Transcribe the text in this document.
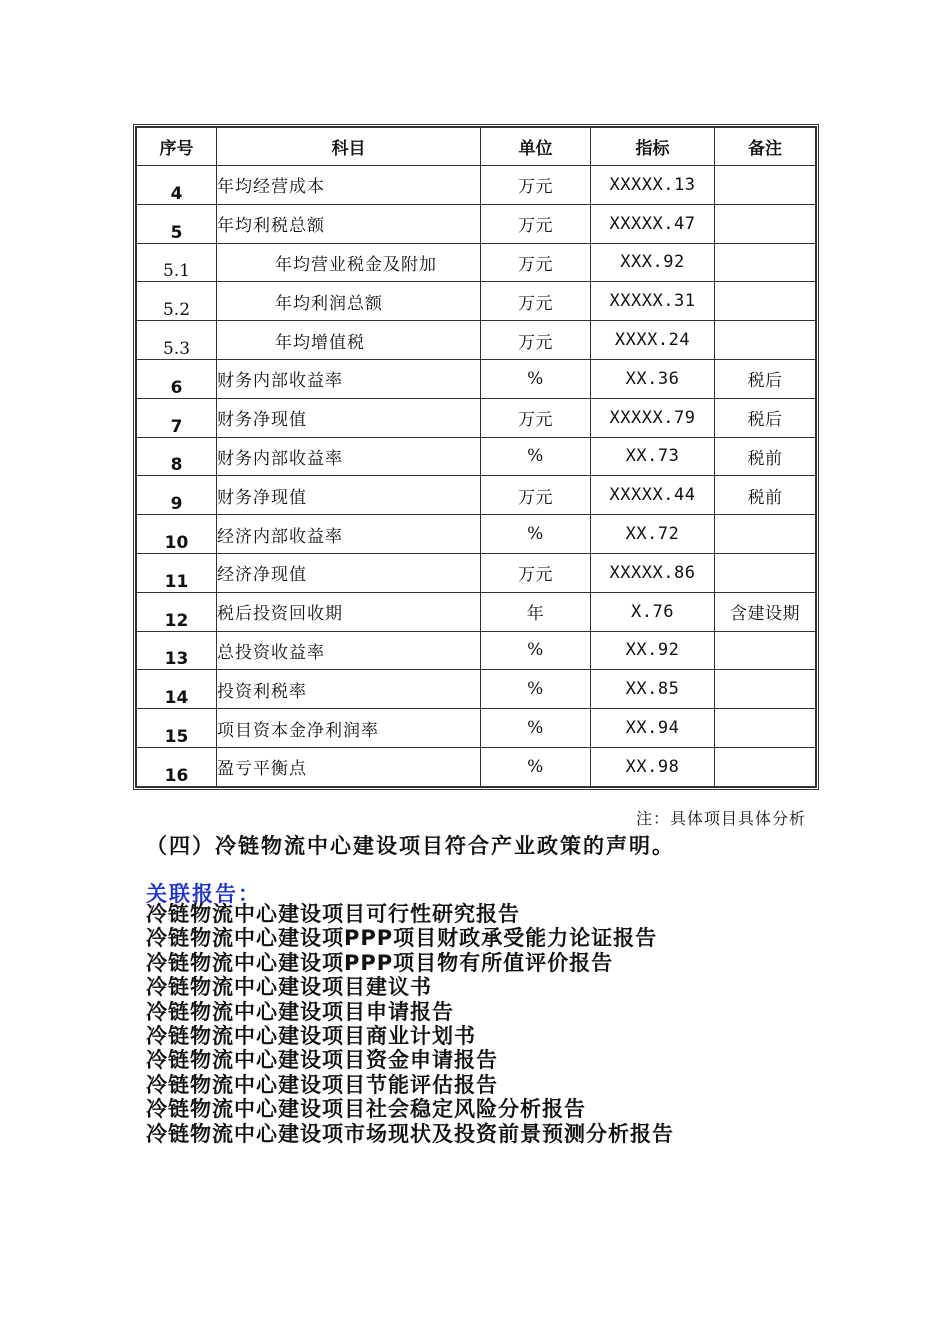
序号	科目	单位	指标	备注
4	年均经营成本	万元	XXXXX.13	
5	年均利税总额	万元	XXXXX.47	
5.1	年均营业税金及附加	万元	XXX.92	
5.2	年均利润总额	万元	XXXXX.31	
5.3	年均增值税	万元	XXXX.24	
6	财务内部收益率	%	XX.36	税后
7	财务净现值	万元	XXXXX.79	税后
8	财务内部收益率	%	XX.73	税前
9	财务净现值	万元	XXXXX.44	税前
10	经济内部收益率	%	XX.72	
11	经济净现值	万元	XXXXX.86	
12	税后投资回收期	年	X.76	含建设期
13	总投资收益率	%	XX.92	
14	投资利税率	%	XX.85	
15	项目资本金净利润率	%	XX.94	
16	盈亏平衡点	%	XX.98	
注：具体项目具体分析
（四）冷链物流中心建设项目符合产业政策的声明。
关联报告：
冷链物流中心建设项目可行性研究报告
冷链物流中心建设项PPP项目财政承受能力论证报告
冷链物流中心建设项PPP项目物有所值评价报告
冷链物流中心建设项目建议书
冷链物流中心建设项目申请报告
冷链物流中心建设项目商业计划书
冷链物流中心建设项目资金申请报告
冷链物流中心建设项目节能评估报告
冷链物流中心建设项目社会稳定风险分析报告
冷链物流中心建设项市场现状及投资前景预测分析报告
